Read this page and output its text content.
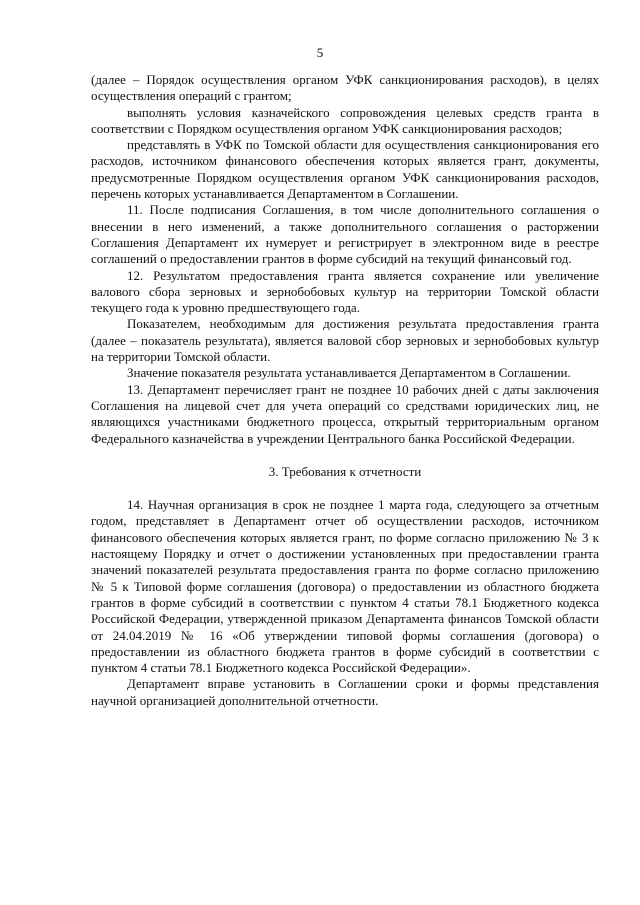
5

(далее – Порядок осуществления органом УФК санкционирования расходов), в целях осуществления операций с грантом;

выполнять условия казначейского сопровождения целевых средств гранта в соответствии с Порядком осуществления органом УФК санкционирования расходов;

представлять в УФК по Томской области для осуществления санкционирования его расходов, источником финансового обеспечения которых является грант, документы, предусмотренные Порядком осуществления органом УФК санкционирования расходов, перечень которых устанавливается Департаментом в Соглашении.

11. После подписания Соглашения, в том числе дополнительного соглашения о внесении в него изменений, а также дополнительного соглашения о расторжении Соглашения Департамент их нумерует и регистрирует в электронном виде в реестре соглашений о предоставлении грантов в форме субсидий на текущий финансовый год.

12. Результатом предоставления гранта является сохранение или увеличение валового сбора зерновых и зернобобовых культур на территории Томской области текущего года к уровню предшествующего года.

Показателем, необходимым для достижения результата предоставления гранта (далее – показатель результата), является валовой сбор зерновых и зернобобовых культур на территории Томской области.

Значение показателя результата устанавливается Департаментом в Соглашении.

13. Департамент перечисляет грант не позднее 10 рабочих дней с даты заключения Соглашения на лицевой счет для учета операций со средствами юридических лиц, не являющихся участниками бюджетного процесса, открытый территориальным органом Федерального казначейства в учреждении Центрального банка Российской Федерации.

3. Требования к отчетности

14. Научная организация в срок не позднее 1 марта года, следующего за отчетным годом, представляет в Департамент отчет об осуществлении расходов, источником финансового обеспечения которых является грант, по форме согласно приложению № 3 к настоящему Порядку и отчет о достижении установленных при предоставлении гранта значений показателей результата предоставления гранта по форме согласно приложению № 5 к Типовой форме соглашения (договора) о предоставлении из областного бюджета грантов в форме субсидий в соответствии с пунктом 4 статьи 78.1 Бюджетного кодекса Российской Федерации, утвержденной приказом Департамента финансов Томской области от 24.04.2019 № 16 «Об утверждении типовой формы соглашения (договора) о предоставлении из областного бюджета грантов в форме субсидий в соответствии с пунктом 4 статьи 78.1 Бюджетного кодекса Российской Федерации».

Департамент вправе установить в Соглашении сроки и формы представления научной организацией дополнительной отчетности.
